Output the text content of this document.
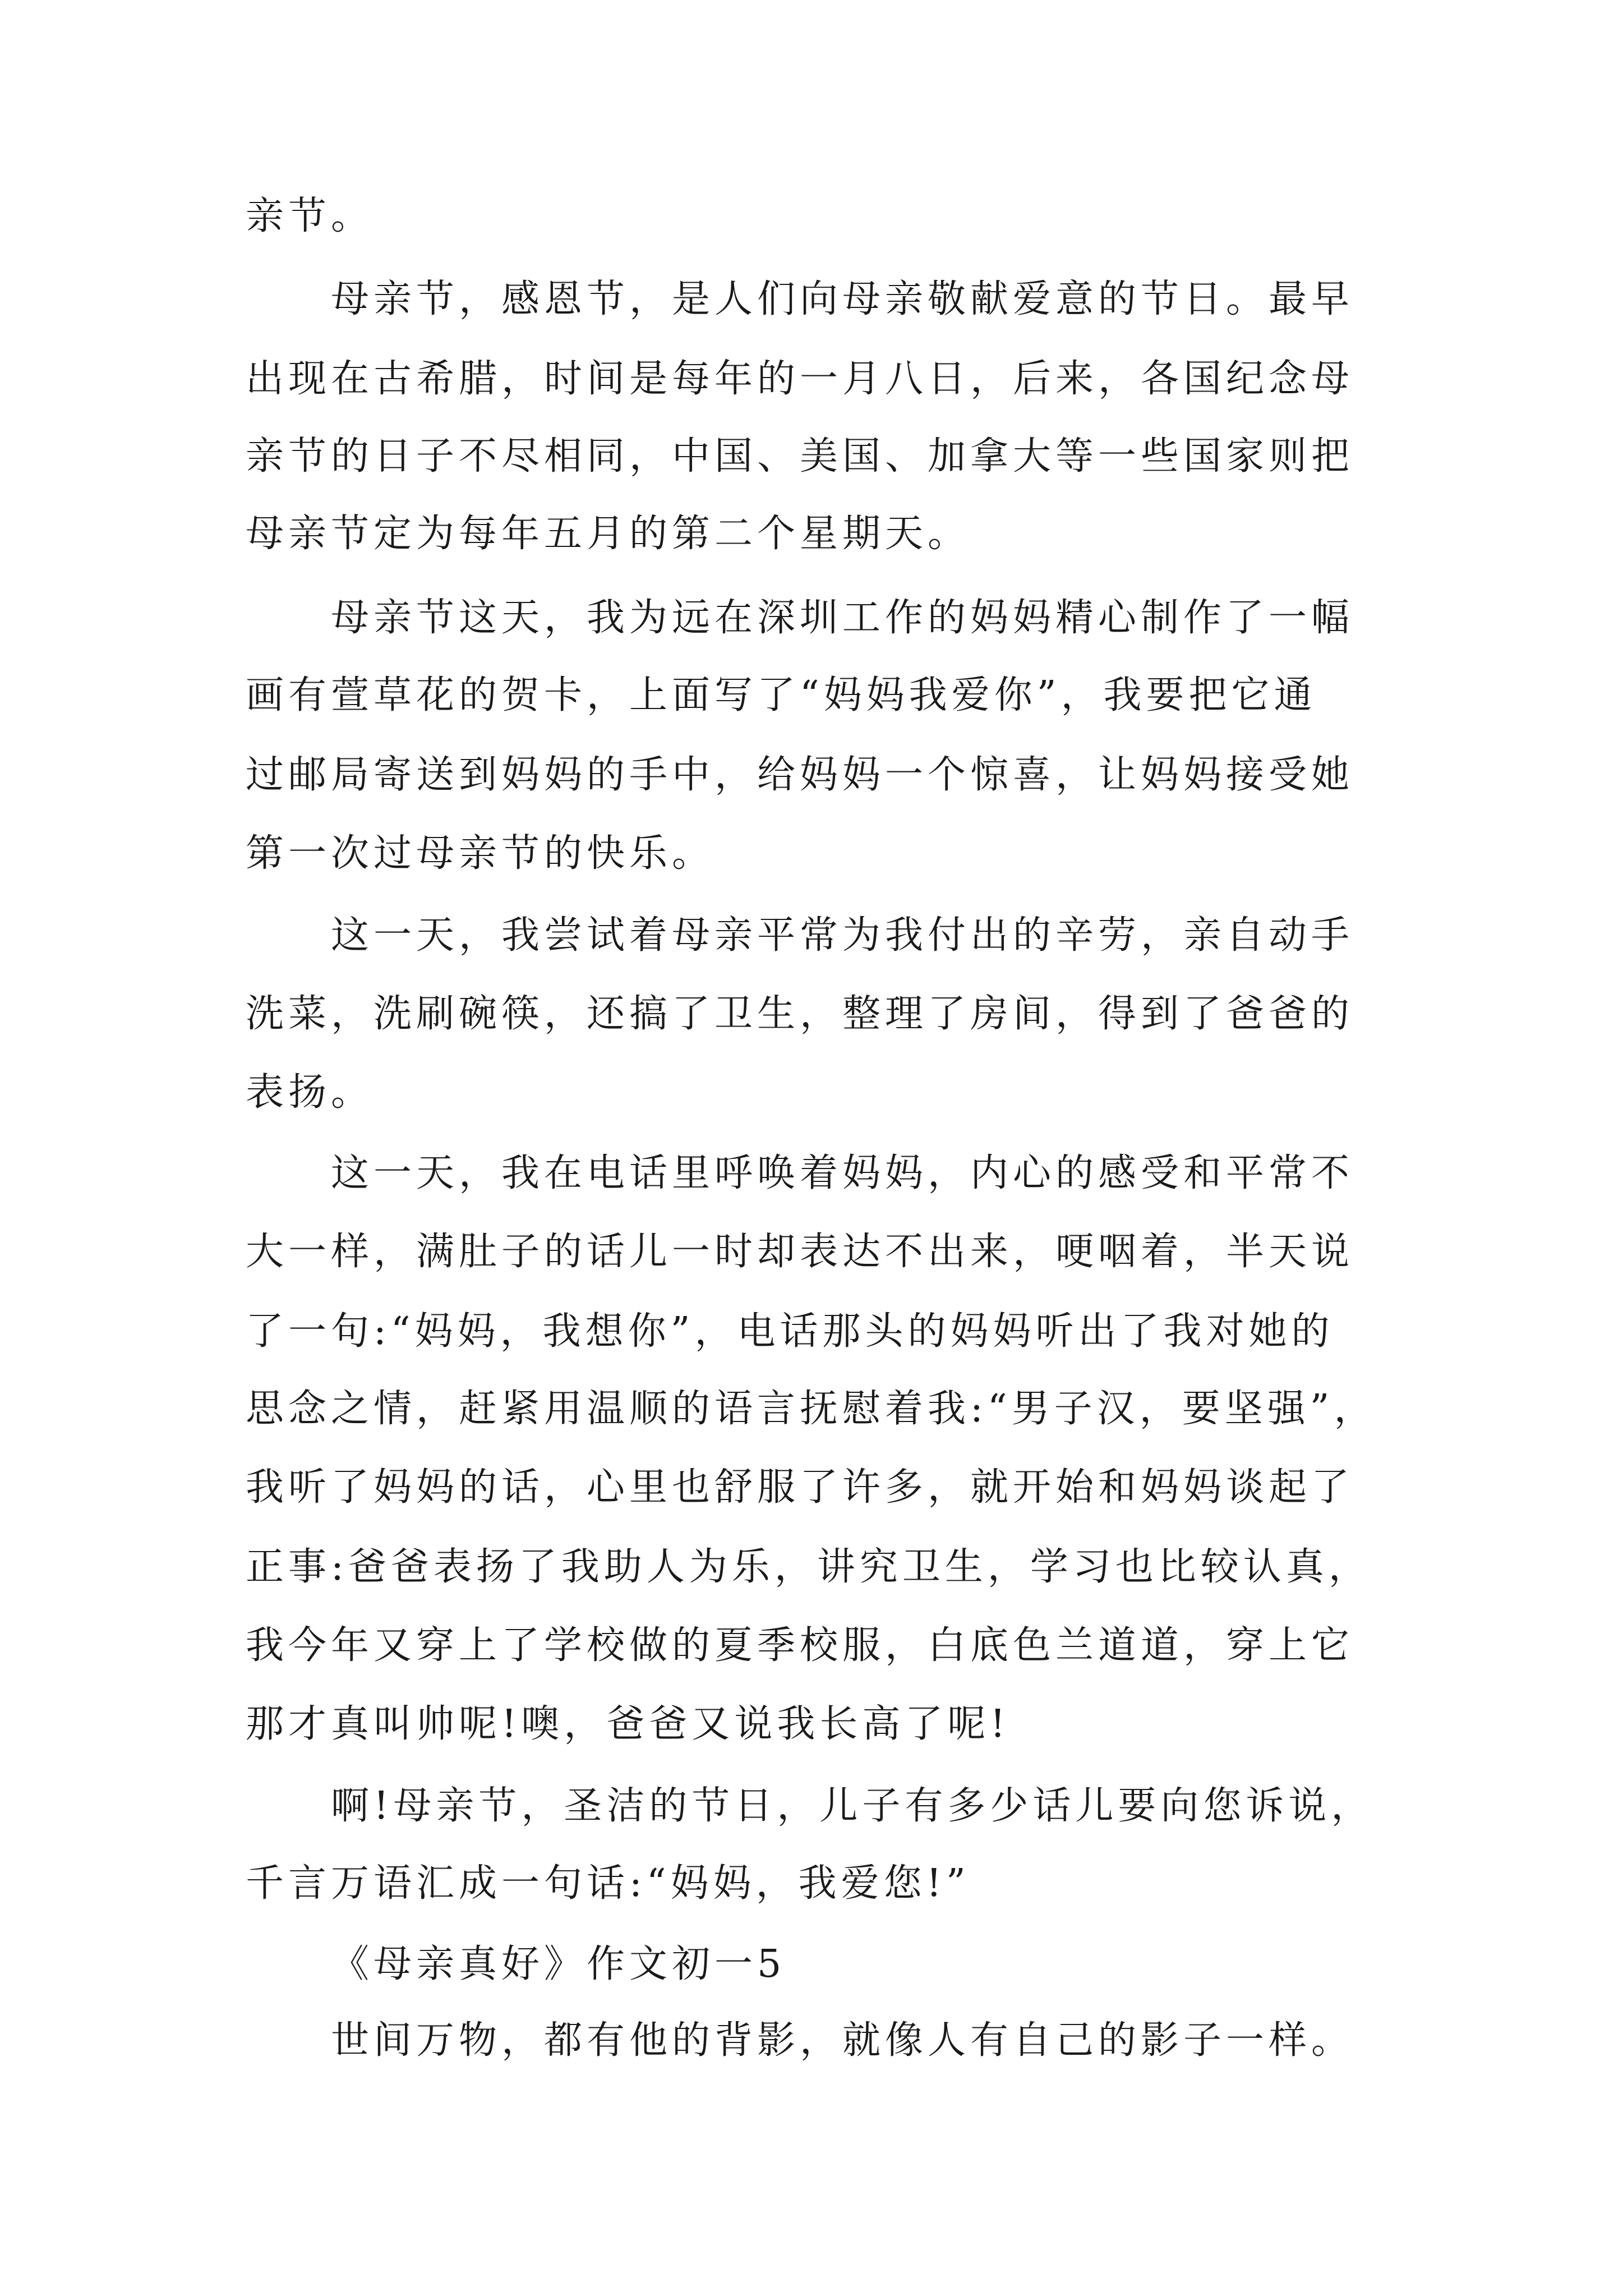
亲节。
母亲节，感恩节，是人们向母亲敬献爱意的节日。最早
出现在古希腊，时间是每年的一月八日，后来，各国纪念母
亲节的日子不尽相同，中国、美国、加拿大等一些国家则把
母亲节定为每年五月的第二个星期天。
母亲节这天，我为远在深圳工作的妈妈精心制作了一幅
画有萱草花的贺卡，上面写了“妈妈我爱你”，我要把它通
过邮局寄送到妈妈的手中，给妈妈一个惊喜，让妈妈接受她
第一次过母亲节的快乐。
这一天，我尝试着母亲平常为我付出的辛劳，亲自动手
洗菜，洗刷碗筷，还搞了卫生，整理了房间，得到了爸爸的
表扬。
这一天，我在电话里呼唤着妈妈，内心的感受和平常不
大一样，满肚子的话儿一时却表达不出来，哽咽着，半天说
了一句:“妈妈，我想你”，电话那头的妈妈听出了我对她的
思念之情，赶紧用温顺的语言抚慰着我:“男子汉，要坚强”，
我听了妈妈的话，心里也舒服了许多，就开始和妈妈谈起了
正事:爸爸表扬了我助人为乐，讲究卫生，学习也比较认真，
我今年又穿上了学校做的夏季校服，白底色兰道道，穿上它
那才真叫帅呢!噢，爸爸又说我长高了呢!
啊!母亲节，圣洁的节日，儿子有多少话儿要向您诉说，
千言万语汇成一句话:“妈妈，我爱您!”
《母亲真好》作文初一5
世间万物，都有他的背影，就像人有自己的影子一样。
